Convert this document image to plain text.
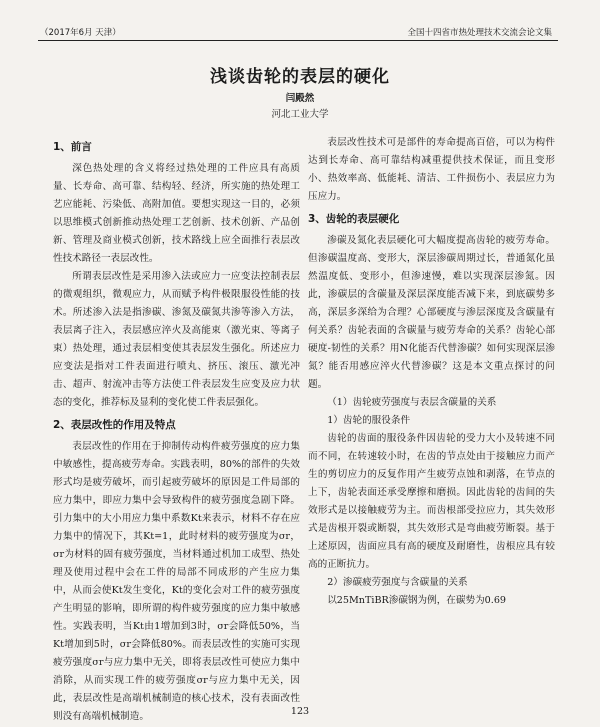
（2017年6月 天津）	全国十四省市热处理技术交流会论文集
浅谈齿轮的表层的硬化
闫殿然
河北工业大学
1、前言

深色热处理的含义将经过热处理的工件应具有高质量、长寿命、高可靠、结构轻、经济，所实施的热处理工艺应能耗、污染低、高附加值。要想实现这一目的，必须以思维模式创新推动热处理工艺创新、技术创新、产品创新、管理及商业模式创新，技术路线上应全面推行表层改性技术路径一表层改性。

所谓表层改性是采用渗入法或应力一应变法控制表层的微观组织，微观应力，从而赋予构件极限服役性能的技术。所述渗入法是指渗碳、渗氮及碳氮共渗等渗入方法，表层离子注入，表层感应淬火及高能束（激光束、等离子束）热处理，通过表层相变使其表层发生强化。所述应力应变法是指对工件表面进行喷丸、挤压、滚压、激光冲击、超声、射流冲击等方法使工件表层发生应变及应力状态的变化，推荐标及显利的变化使工件表层强化。

2、表层改性的作用及特点

表层改性的作用在于抑制传动构件疲劳强度的应力集中敏感性，提高疲劳寿命。实践表明，80%的部件的失效形式均是疲劳破坏，而引起疲劳破坏的原因是工件局部的应力集中，即应力集中会导致构件的疲劳强度急剧下降。引力集中的大小用应力集中系数Kt来表示，材料不存在应力集中的情况下，其Kt=1，此时材料的疲劳强度为σr，σr为材料的固有疲劳强度，当材料通过机加工成型、热处理及使用过程中会在工件的局部不同成形的产生应力集中，从而会使Kt发生变化，Kt的变化会对工件的疲劳强度产生明显的影响，即所谓的构件疲劳强度的应力集中敏感性。实践表明，当Kt由1增加到3时，σr会降低50%，当Kt增加到5时，σr会降低80%。而表层改性的实施可实现疲劳强度σr与应力集中无关，即将表层改性可使应力集中消除，从而实现工件的疲劳强度σr与应力集中无关，因此，表层改性是高端机械制造的核心技术，没有表面改性则没有高端机械制造。

表层改性技术可是部件的寿命提高百倍，可以为构件达到长寿命、高可靠结构减重提供技术保证，而且变形小、热效率高、低能耗、清洁、工件损伤小、表层应力为压应力。

3、齿轮的表层硬化

渗碳及氮化表层硬化可大幅度提高齿轮的疲劳寿命。但渗碳温度高、变形大，深层渗碳周期过长，普通氮化虽然温度低、变形小，但渗速慢，难以实现深层渗氮。因此，渗碳层的含碳量及深层深度能否减下来，到底碳势多高，深层多深给为合理？心部硬度与渗层深度及含碳量有何关系？齿轮表面的含碳量与疲劳寿命的关系？齿轮心部硬度-韧性的关系？用N化能否代替渗碳？如何实现深层渗氮？能否用感应淬火代替渗碳？这是本文重点探讨的问题。

（1）齿轮疲劳强度与表层含碳量的关系
1）齿轮的服役条件

齿轮的齿面的服役条件因齿轮的受力大小及转速不同而不同，在转速较小时，在齿的节点处由于接触应力而产生的剪切应力的反复作用产生疲劳点蚀和剥落，在节点的上下，齿轮表面还承受摩擦和磨损。因此齿轮的齿间的失效形式是以接触疲劳为主。而齿根部受拉应力，其失效形式是齿根开裂或断裂，其失效形式是弯曲疲劳断裂。基于上述原因，齿面应具有高的硬度及耐磨性，齿根应具有较高的正断抗力。

2）渗碳疲劳强度与含碳量的关系

以25MnTiBR渗碳钢为例，在碳势为0.69

123
